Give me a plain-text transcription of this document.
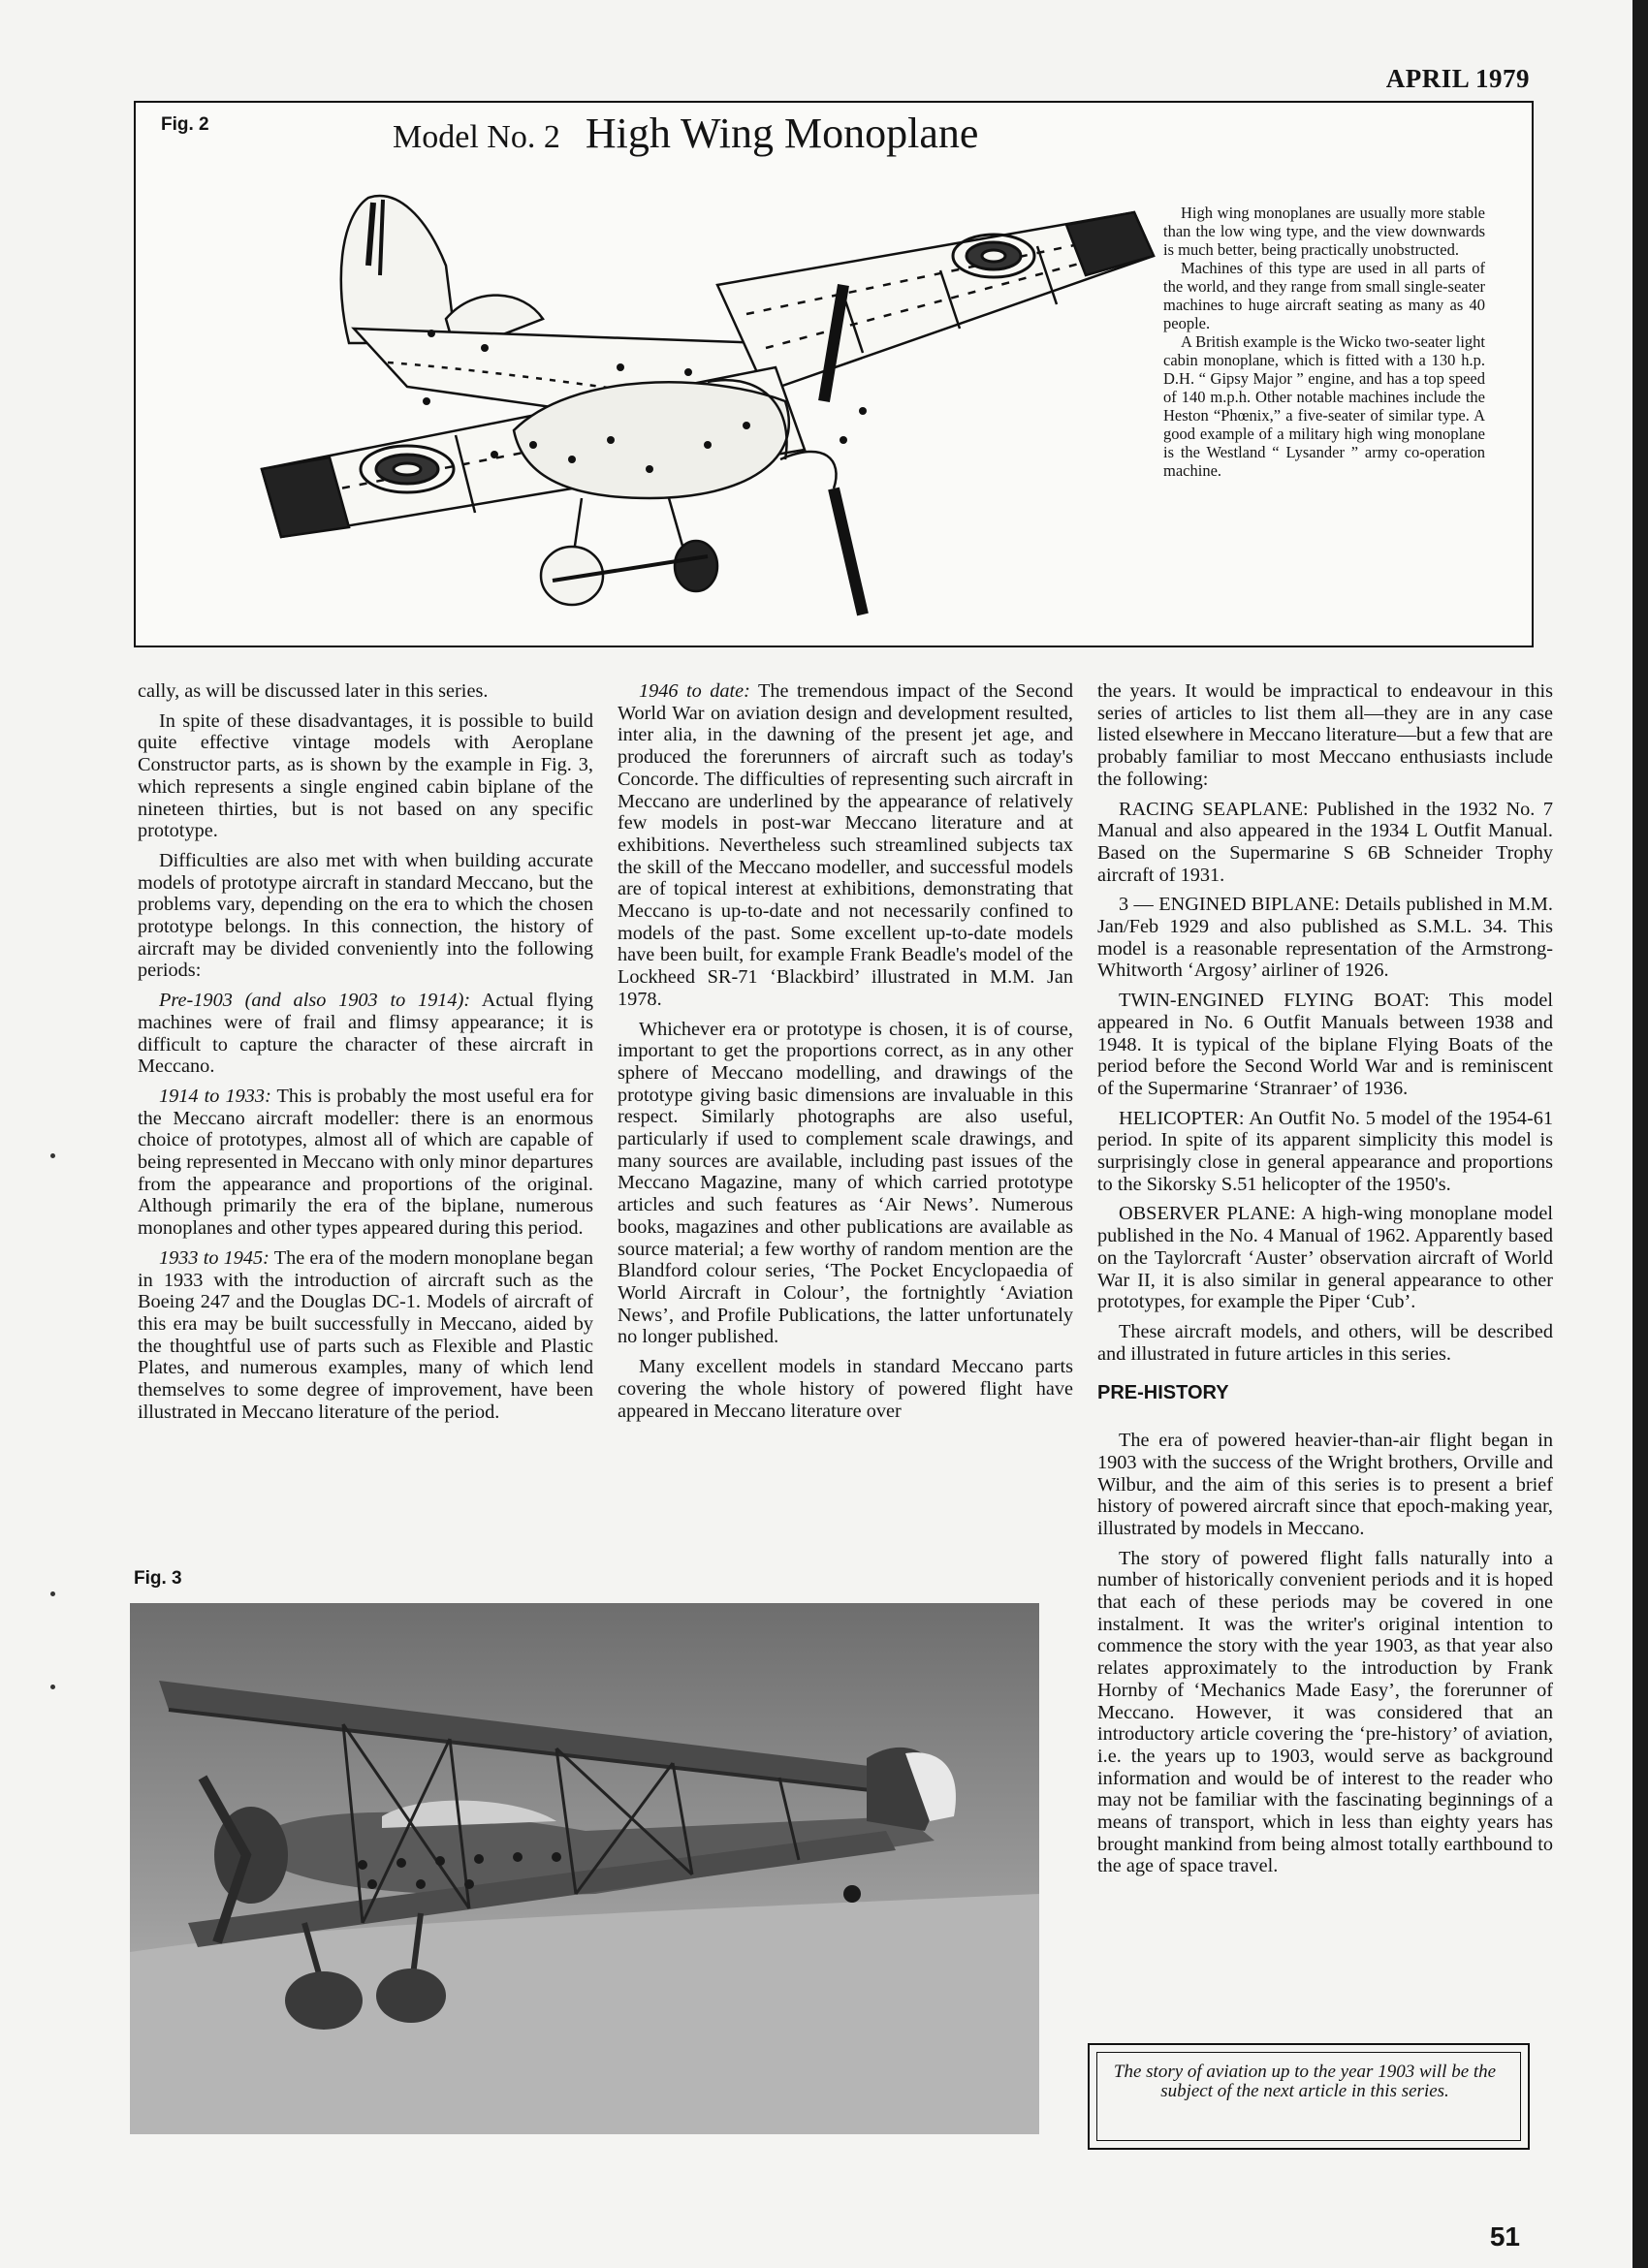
APRIL 1979
Fig. 2	Model No. 2 High Wing Monoplane

High wing monoplanes are usually more stable than the low wing type, and the view downwards is much better, being practically unobstructed.

Machines of this type are used in all parts of the world, and they range from small single-seater machines to huge aircraft seating as many as 40 people.

A British example is the Wicko two-seater light cabin monoplane, which is fitted with a 130 h.p. D.H. “ Gipsy Major ” engine, and has a top speed of 140 m.p.h. Other notable machines include the Heston “Phœnix,” a five-seater of similar type. A good example of a military high wing monoplane is the Westland “ Lysander ” army co-operation machine.

cally, as will be discussed later in this series.

In spite of these disadvantages, it is possible to build quite effective vintage models with Aeroplane Constructor parts, as is shown by the example in Fig. 3, which represents a single engined cabin biplane of the nineteen thirties, but is not based on any specific prototype.

Difficulties are also met with when building accurate models of prototype aircraft in standard Meccano, but the problems vary, depending on the era to which the chosen prototype belongs. In this connection, the history of aircraft may be divided conveniently into the following periods:

Pre-1903 (and also 1903 to 1914): Actual flying machines were of frail and flimsy appearance; it is difficult to capture the character of these aircraft in Meccano.

1914 to 1933: This is probably the most useful era for the Meccano aircraft modeller: there is an enormous choice of prototypes, almost all of which are capable of being represented in Meccano with only minor departures from the appearance and proportions of the original. Although primarily the era of the biplane, numerous monoplanes and other types appeared during this period.

1933 to 1945: The era of the modern monoplane began in 1933 with the introduction of aircraft such as the Boeing 247 and the Douglas DC-1. Models of aircraft of this era may be built successfully in Meccano, aided by the thoughtful use of parts such as Flexible and Plastic Plates, and numerous examples, many of which lend themselves to some degree of improvement, have been illustrated in Meccano literature of the period.

1946 to date: The tremendous impact of the Second World War on aviation design and development resulted, inter alia, in the dawning of the present jet age, and produced the forerunners of aircraft such as today's Concorde. The difficulties of representing such aircraft in Meccano are underlined by the appearance of relatively few models in post-war Meccano literature and at exhibitions. Nevertheless such streamlined subjects tax the skill of the Meccano modeller, and successful models are of topical interest at exhibitions, demonstrating that Meccano is up-to-date and not necessarily confined to models of the past. Some excellent up-to-date models have been built, for example Frank Beadle's model of the Lockheed SR-71 ‘Blackbird’ illustrated in M.M. Jan 1978.

Whichever era or prototype is chosen, it is of course, important to get the proportions correct, as in any other sphere of Meccano modelling, and drawings of the prototype giving basic dimensions are invaluable in this respect. Similarly photographs are also useful, particularly if used to complement scale drawings, and many sources are available, including past issues of the Meccano Magazine, many of which carried prototype articles and such features as ‘Air News’. Numerous books, magazines and other publications are available as source material; a few worthy of random mention are the Blandford colour series, ‘The Pocket Encyclopaedia of World Aircraft in Colour’, the fortnightly ‘Aviation News’, and Profile Publications, the latter unfortunately no longer published.

Many excellent models in standard Meccano parts covering the whole history of powered flight have appeared in Meccano literature over

the years. It would be impractical to endeavour in this series of articles to list them all—they are in any case listed elsewhere in Meccano literature—but a few that are probably familiar to most Meccano enthusiasts include the following:

RACING SEAPLANE: Published in the 1932 No. 7 Manual and also appeared in the 1934 L Outfit Manual. Based on the Supermarine S 6B Schneider Trophy aircraft of 1931.

3 — ENGINED BIPLANE: Details published in M.M. Jan/Feb 1929 and also published as S.M.L. 34. This model is a reasonable representation of the Armstrong-Whitworth ‘Argosy’ airliner of 1926.

TWIN-ENGINED FLYING BOAT: This model appeared in No. 6 Outfit Manuals between 1938 and 1948. It is typical of the biplane Flying Boats of the period before the Second World War and is reminiscent of the Supermarine ‘Stranraer’ of 1936.

HELICOPTER: An Outfit No. 5 model of the 1954-61 period. In spite of its apparent simplicity this model is surprisingly close in general appearance and proportions to the Sikorsky S.51 helicopter of the 1950's.

OBSERVER PLANE: A high-wing monoplane model published in the No. 4 Manual of 1962. Apparently based on the Taylorcraft ‘Auster’ observation aircraft of World War II, it is also similar in general appearance to other prototypes, for example the Piper ‘Cub’.

These aircraft models, and others, will be described and illustrated in future articles in this series.

PRE-HISTORY

The era of powered heavier-than-air flight began in 1903 with the success of the Wright brothers, Orville and Wilbur, and the aim of this series is to present a brief history of powered aircraft since that epoch-making year, illustrated by models in Meccano.

The story of powered flight falls naturally into a number of historically convenient periods and it is hoped that each of these periods may be covered in one instalment. It was the writer's original intention to commence the story with the year 1903, as that year also relates approximately to the introduction by Frank Hornby of ‘Mechanics Made Easy’, the forerunner of Meccano. However, it was considered that an introductory article covering the ‘pre-history’ of aviation, i.e. the years up to 1903, would serve as background information and would be of interest to the reader who may not be familiar with the fascinating beginnings of a means of transport, which in less than eighty years has brought mankind from being almost totally earthbound to the age of space travel.

Fig. 3
The story of aviation up to the year 1903 will be the subject of the next article in this series.
51
